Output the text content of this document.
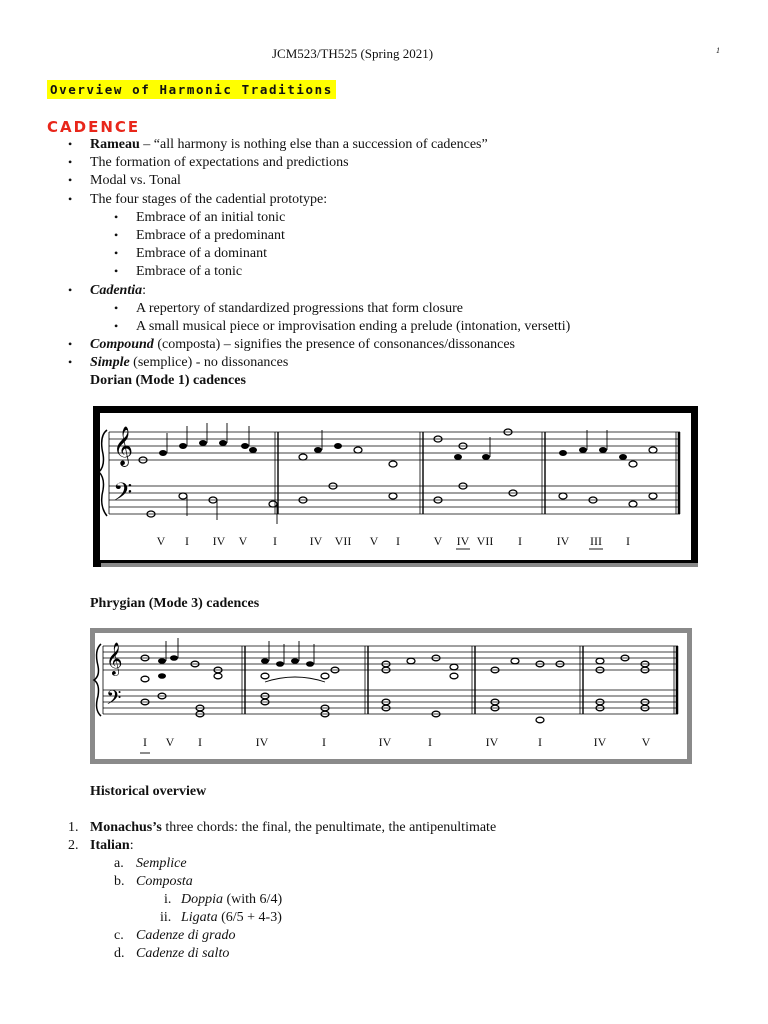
JCM523/TH525 (Spring 2021)	1
Overview of Harmonic Traditions
CADENCE
• Rameau – “all harmony is nothing else than a succession of cadences”
• The formation of expectations and predictions
• Modal vs. Tonal
• The four stages of the cadential prototype:
• Embrace of an initial tonic
• Embrace of a predominant
• Embrace of a dominant
• Embrace of a tonic
• Cadentia:
• A repertory of standardized progressions that form closure
• A small musical piece or improvisation ending a prelude (intonation, versetti)
• Compound (composta) – signifies the presence of consonances/dissonances
• Simple (semplice) - no dissonances
Dorian (Mode 1) cadences
𝄞
𝄢
V I IV V I	IV VII V I	V IV VII I	IV III I
Phrygian (Mode 3) cadences
𝄞
𝄢
I V I	IV	I	IV	I	IV	I	IV	V
Historical overview
1. Monachus’s three chords: the final, the penultimate, the antipenultimate
2. Italian:
a. Semplice
b. Composta
i. Doppia (with 6/4)
ii. Ligata (6/5 + 4-3)
c. Cadenze di grado
d. Cadenze di salto
